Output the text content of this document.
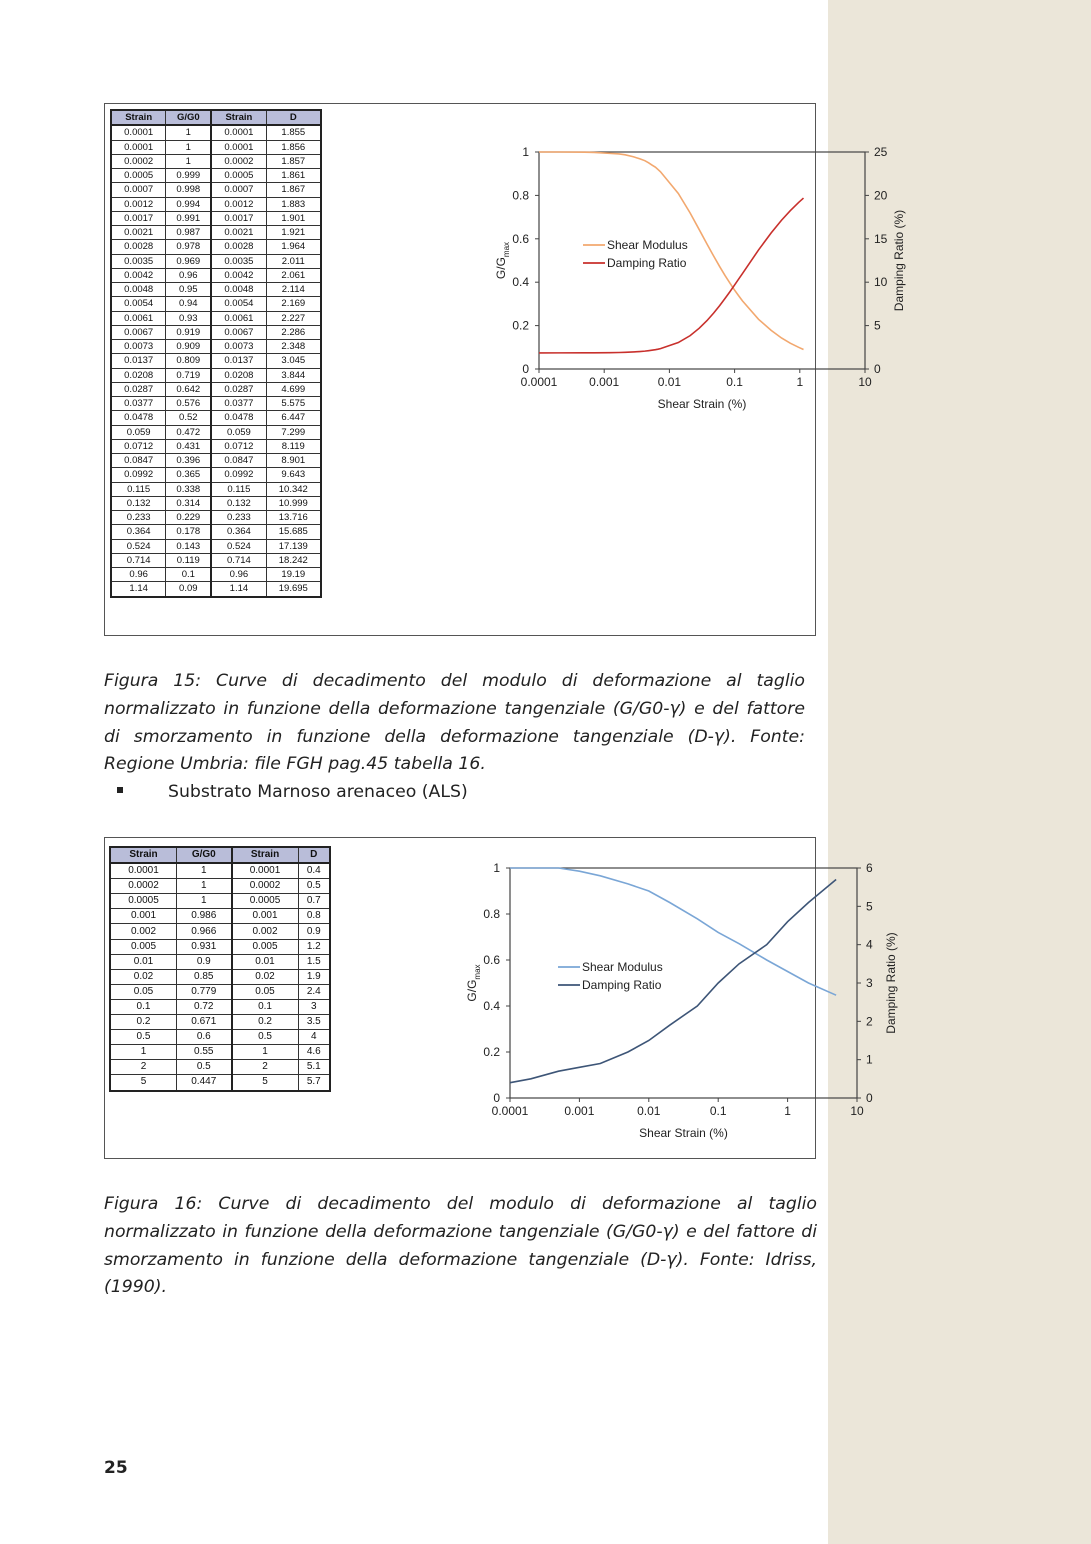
Strain	G/G0	Strain	D
0.0001	1	0.0001	1.855
0.0001	1	0.0001	1.856
0.0002	1	0.0002	1.857
0.0005	0.999	0.0005	1.861
0.0007	0.998	0.0007	1.867
0.0012	0.994	0.0012	1.883
0.0017	0.991	0.0017	1.901
0.0021	0.987	0.0021	1.921
0.0028	0.978	0.0028	1.964
0.0035	0.969	0.0035	2.011
0.0042	0.96	0.0042	2.061
0.0048	0.95	0.0048	2.114
0.0054	0.94	0.0054	2.169
0.0061	0.93	0.0061	2.227
0.0067	0.919	0.0067	2.286
0.0073	0.909	0.0073	2.348
0.0137	0.809	0.0137	3.045
0.0208	0.719	0.0208	3.844
0.0287	0.642	0.0287	4.699
0.0377	0.576	0.0377	5.575
0.0478	0.52	0.0478	6.447
0.059	0.472	0.059	7.299
0.0712	0.431	0.0712	8.119
0.0847	0.396	0.0847	8.901
0.0992	0.365	0.0992	9.643
0.115	0.338	0.115	10.342
0.132	0.314	0.132	10.999
0.233	0.229	0.233	13.716
0.364	0.178	0.364	15.685
0.524	0.143	0.524	17.139
0.714	0.119	0.714	18.242
0.96	0.1	0.96	19.19
1.14	0.09	1.14	19.695
0.0001	0.001	0.01	0.1	1	10
0
0.2
0.4
0.6
0.8
1
0
5
10
15
20
25
Shear Strain (%)
$G/G_{max}$	Damping Ratio (%)
Shear Modulus
Damping Ratio

Figura 15: Curve di decadimento del modulo di deformazione al taglio normalizzato in funzione della deformazione tangenziale (G/G0-γ) e del fattore di smorzamento in funzione della deformazione tangenziale (D-γ). Fonte: Regione Umbria: file FGH pag.45 tabella 16.

Substrato Marnoso arenaceo (ALS)
Strain	G/G0	Strain	D
0.0001	1	0.0001	0.4
0.0002	1	0.0002	0.5
0.0005	1	0.0005	0.7
0.001	0.986	0.001	0.8
0.002	0.966	0.002	0.9
0.005	0.931	0.005	1.2
0.01	0.9	0.01	1.5
0.02	0.85	0.02	1.9
0.05	0.779	0.05	2.4
0.1	0.72	0.1	3
0.2	0.671	0.2	3.5
0.5	0.6	0.5	4
1	0.55	1	4.6
2	0.5	2	5.1
5	0.447	5	5.7
0.0001	0.001	0.01	0.1	1	10
0
0.2
0.4
0.6
0.8
1
0
1
2
3
4
5
6
Shear Strain (%)
$G/G_{max}$	Damping Ratio (%)
Shear Modulus
Damping Ratio

Figura 16: Curve di decadimento del modulo di deformazione al taglio normalizzato in funzione della deformazione tangenziale (G/G0-γ) e del fattore di smorzamento in funzione della deformazione tangenziale (D-γ). Fonte: Idriss, (1990).

25
